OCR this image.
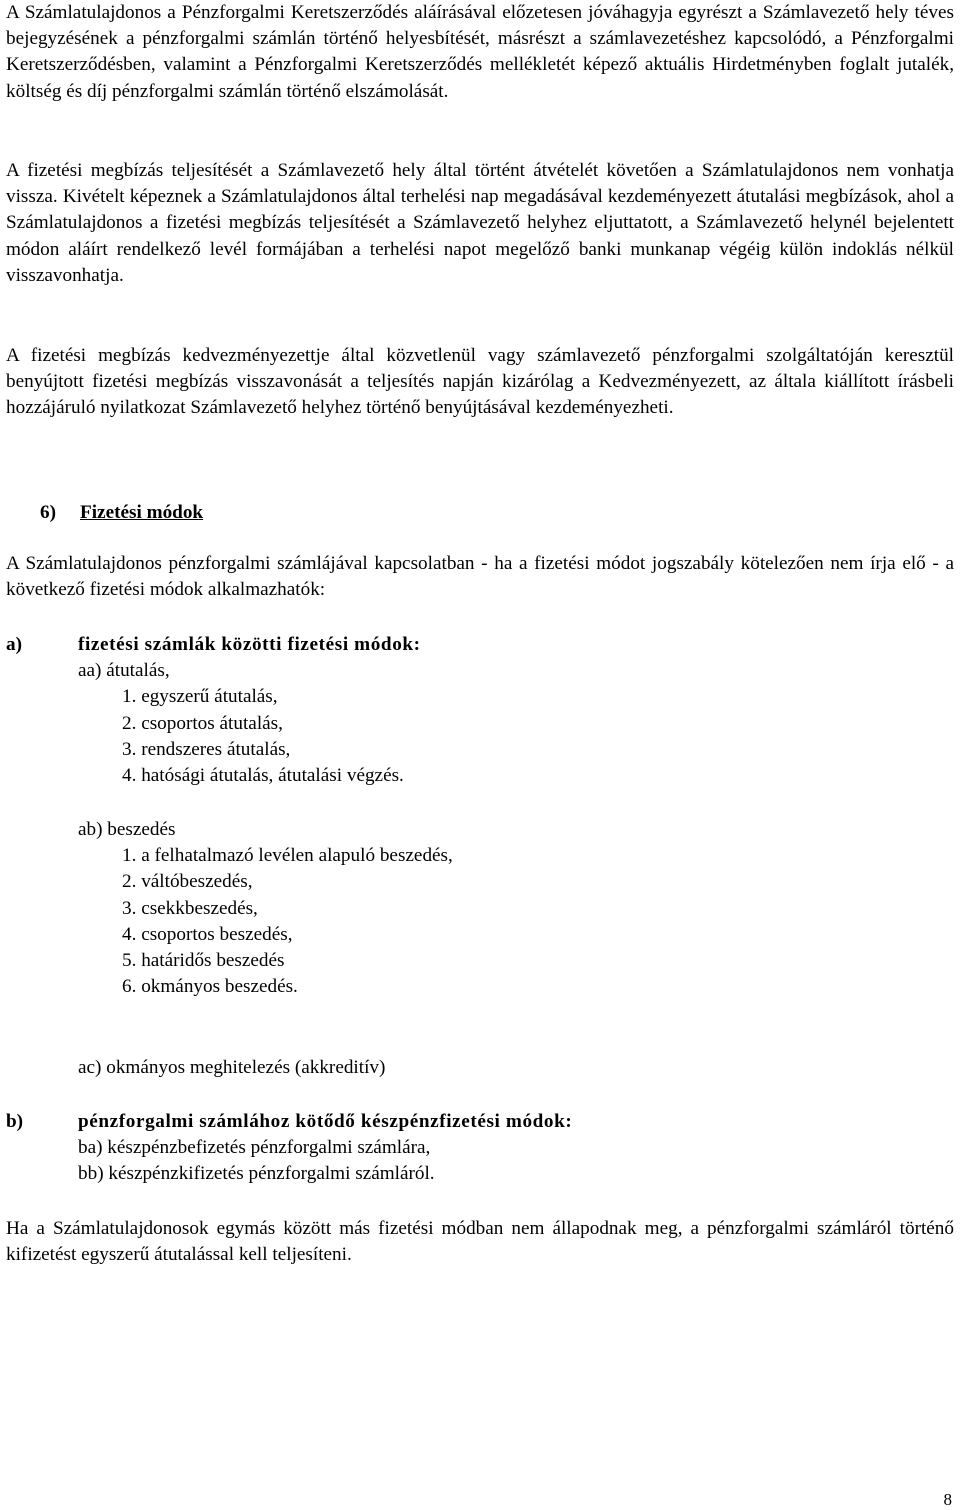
A Számlatulajdonos a Pénzforgalmi Keretszerződés aláírásával előzetesen jóváhagyja egyrészt a Számlavezető hely téves bejegyzésének a pénzforgalmi számlán történő helyesbítését, másrészt a számlavezetéshez kapcsolódó, a Pénzforgalmi Keretszerződésben, valamint a Pénzforgalmi Keretszerződés mellékletét képező aktuális Hirdetményben foglalt jutalék, költség és díj pénzforgalmi számlán történő elszámolását.

A fizetési megbízás teljesítését a Számlavezető hely által történt átvételét követően a Számlatulajdonos nem vonhatja vissza. Kivételt képeznek a Számlatulajdonos által terhelési nap megadásával kezdeményezett átutalási megbízások, ahol a Számlatulajdonos a fizetési megbízás teljesítését a Számlavezető helyhez eljuttatott, a Számlavezető helynél bejelentett módon aláírt rendelkező levél formájában a terhelési napot megelőző banki munkanap végéig külön indoklás nélkül visszavonhatja.

A fizetési megbízás kedvezményezettje által közvetlenül vagy számlavezető pénzforgalmi szolgáltatóján keresztül benyújtott fizetési megbízás visszavonását a teljesítés napján kizárólag a Kedvezményezett, az általa kiállított írásbeli hozzájáruló nyilatkozat Számlavezető helyhez történő benyújtásával kezdeményezheti.

6) Fizetési módok

A Számlatulajdonos pénzforgalmi számlájával kapcsolatban - ha a fizetési módot jogszabály kötelezően nem írja elő - a következő fizetési módok alkalmazhatók:

a)	fizetési számlák közötti fizetési módok:
aa) átutalás,
1. egyszerű átutalás,
2. csoportos átutalás,
3. rendszeres átutalás,
4. hatósági átutalás, átutalási végzés.
ab) beszedés
1. a felhatalmazó levélen alapuló beszedés,
2. váltóbeszedés,
3. csekkbeszedés,
4. csoportos beszedés,
5. határidős beszedés
6. okmányos beszedés.
ac) okmányos meghitelezés (akkreditív)
b)	pénzforgalmi számlához kötődő készpénzfizetési módok:
ba) készpénzbefizetés pénzforgalmi számlára,
bb) készpénzkifizetés pénzforgalmi számláról.

Ha a Számlatulajdonosok egymás között más fizetési módban nem állapodnak meg, a pénzforgalmi számláról történő kifizetést egyszerű átutalással kell teljesíteni.

8
